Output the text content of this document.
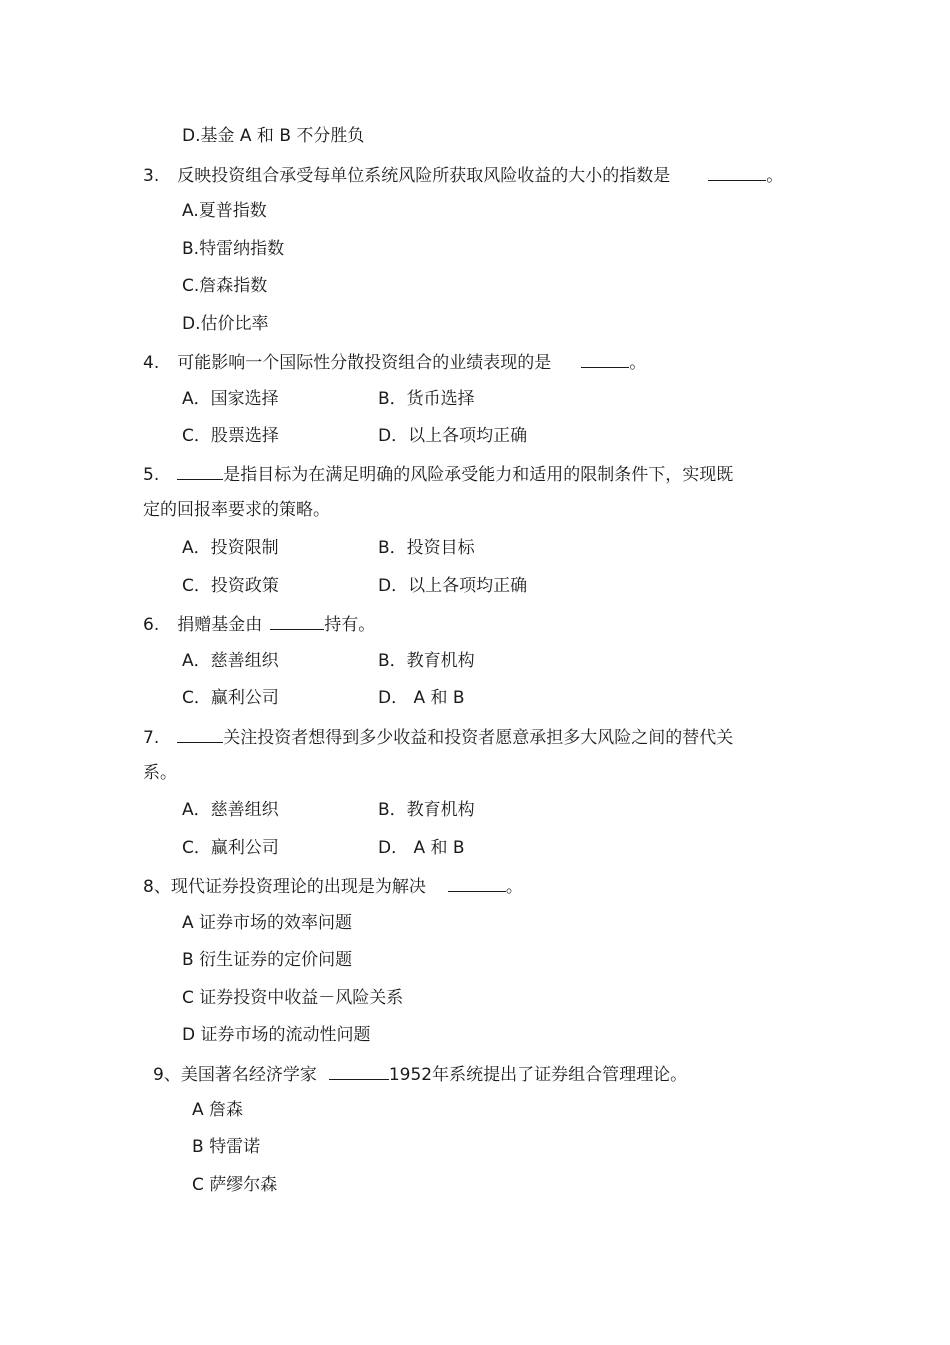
D.基金 A 和 B 不分胜负
3. 反映投资组合承受每单位系统风险所获取风险收益的大小的指数是	。
A.夏普指数
B.特雷纳指数
C.詹森指数
D.估价比率
4. 可能影响一个国际性分散投资组合的业绩表现的是	。
A．国家选择	B．货币选择
C．股票选择	D．以上各项均正确
5.	是指目标为在满足明确的风险承受能力和适用的限制条件下，实现既
定的回报率要求的策略。
A．投资限制	B．投资目标
C．投资政策	D．以上各项均正确
6. 捐赠基金由	持有。
A．慈善组织	B．教育机构
C．赢利公司	D． A 和 B
7.	关注投资者想得到多少收益和投资者愿意承担多大风险之间的替代关
系。
A．慈善组织	B．教育机构
C．赢利公司	D． A 和 B
8、现代证券投资理论的出现是为解决	。
A 证券市场的效率问题
B 衍生证券的定价问题
C 证券投资中收益－风险关系
D 证券市场的流动性问题
9、美国著名经济学家	1952年系统提出了证券组合管理理论。
A 詹森
B 特雷诺
C 萨缪尔森
